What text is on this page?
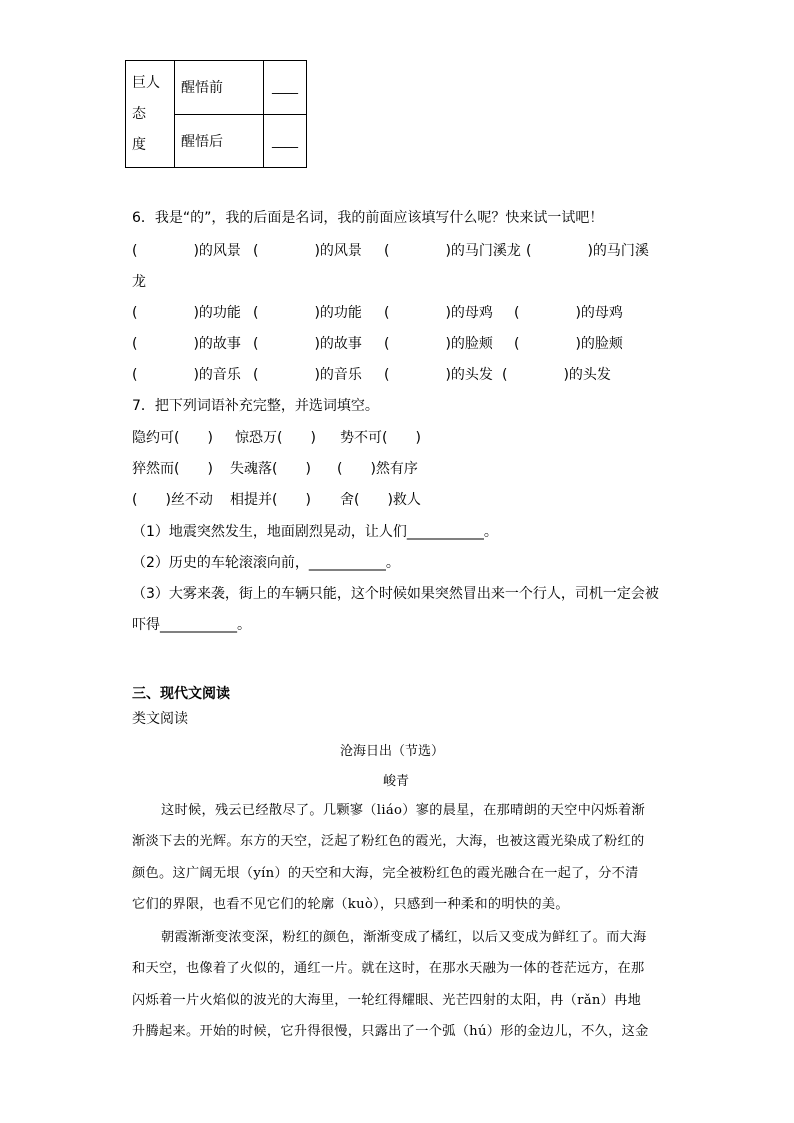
巨人
态
度	醒悟前	____
	醒悟后	____
6．我是“的”，我的后面是名词，我的前面应该填写什么呢？快来试一试吧！
(　　　　)的风景 (　　　　)的风景 (　　　　)的马门溪龙 (　　　　)的马门溪
龙
(　　　　)的功能 (　　　　)的功能 (　　　　)的母鸡 (　　　　)的母鸡
(　　　　)的故事 (　　　　)的故事 (　　　　)的脸颊 (　　　　)的脸颊
(　　　　)的音乐 (　　　　)的音乐 (　　　　)的头发 (　　　　)的头发
7．把下列词语补充完整，并选词填空。
隐约可(　　) 惊恐万(　　) 势不可(　　)
猝然而(　　) 失魂落(　　) (　　)然有序
(　　)丝不动 相提并(　　) 舍(　　)救人
（1）地震突然发生，地面剧烈晃动，让人们___________。
（2）历史的车轮滚滚向前，___________。
（3）大雾来袭，街上的车辆只能，这个时候如果突然冒出来一个行人，司机一定会被
吓得___________。
三、现代文阅读
类文阅读
沧海日出（节选）
峻青
这时候，残云已经散尽了。几颗寥（liáo）寥的晨星，在那晴朗的天空中闪烁着渐
渐淡下去的光辉。东方的天空，泛起了粉红色的霞光，大海，也被这霞光染成了粉红的
颜色。这广阔无垠（yín）的天空和大海，完全被粉红色的霞光融合在一起了，分不清
它们的界限，也看不见它们的轮廓（kuò），只感到一种柔和的明快的美。
朝霞渐渐变浓变深，粉红的颜色，渐渐变成了橘红，以后又变成为鲜红了。而大海
和天空，也像着了火似的，通红一片。就在这时，在那水天融为一体的苍茫远方，在那
闪烁着一片火焰似的波光的大海里，一轮红得耀眼、光芒四射的太阳，冉（rǎn）冉地
升腾起来。开始的时候，它升得很慢，只露出了一个弧（hú）形的金边儿，不久，这金
